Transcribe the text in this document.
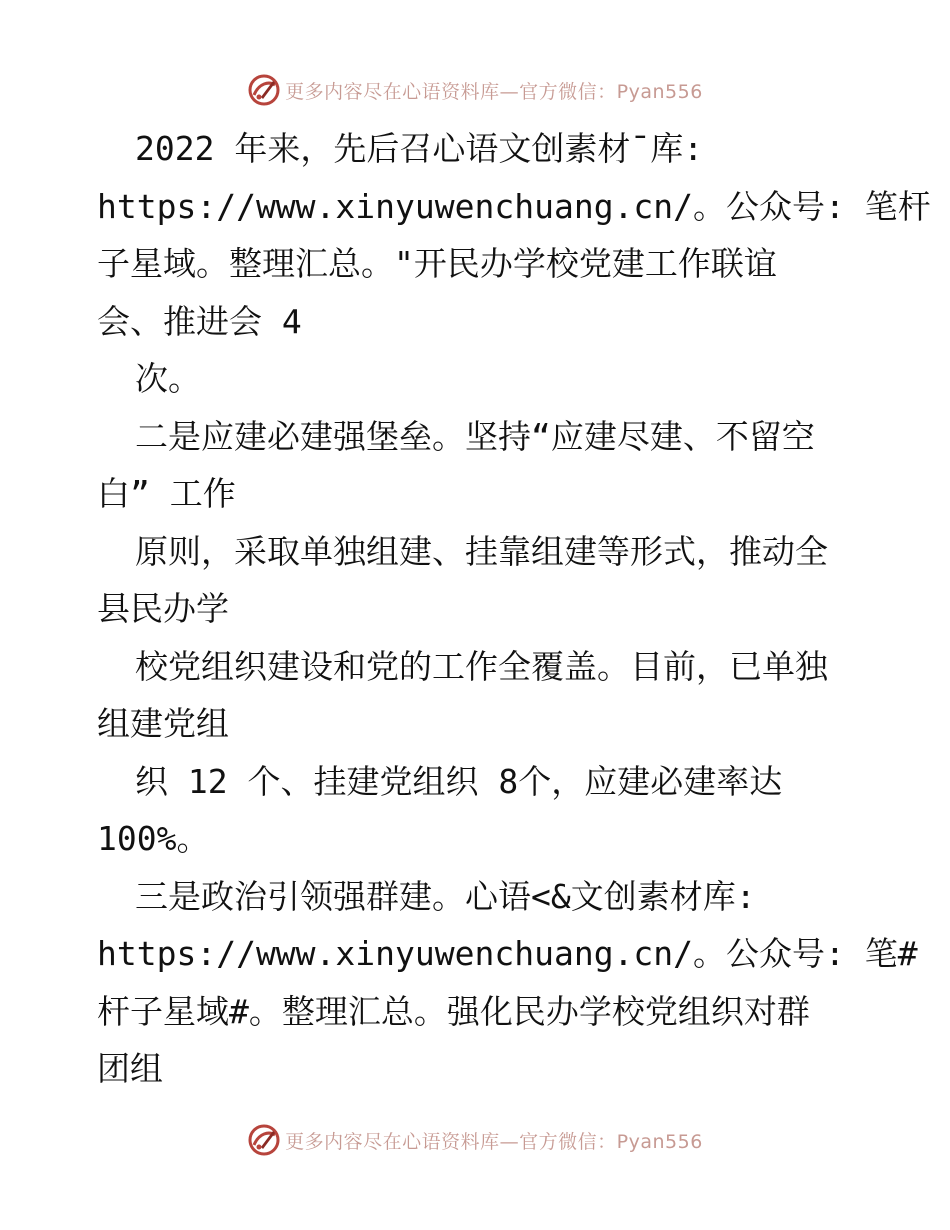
更多内容尽在心语资料库—官方微信：Pyan556
2022 年来，先后召心语文创素材¯库:
https://www.xinyuwenchuang.cn/。公众号: 笔杆
子星域。整理汇总。"开民办学校党建工作联谊
会、推进会 4
次。
二是应建必建强堡垒。坚持“应建尽建、不留空
白” 工作
原则，采取单独组建、挂靠组建等形式，推动全
县民办学
校党组织建设和党的工作全覆盖。目前，已单独
组建党组
织 12 个、挂建党组织 8个，应建必建率达
100%。
三是政治引领强群建。心语<&文创素材库:
https://www.xinyuwenchuang.cn/。公众号: 笔#
杆子星域#。整理汇总。强化民办学校党组织对群
团组
更多内容尽在心语资料库—官方微信：Pyan556
